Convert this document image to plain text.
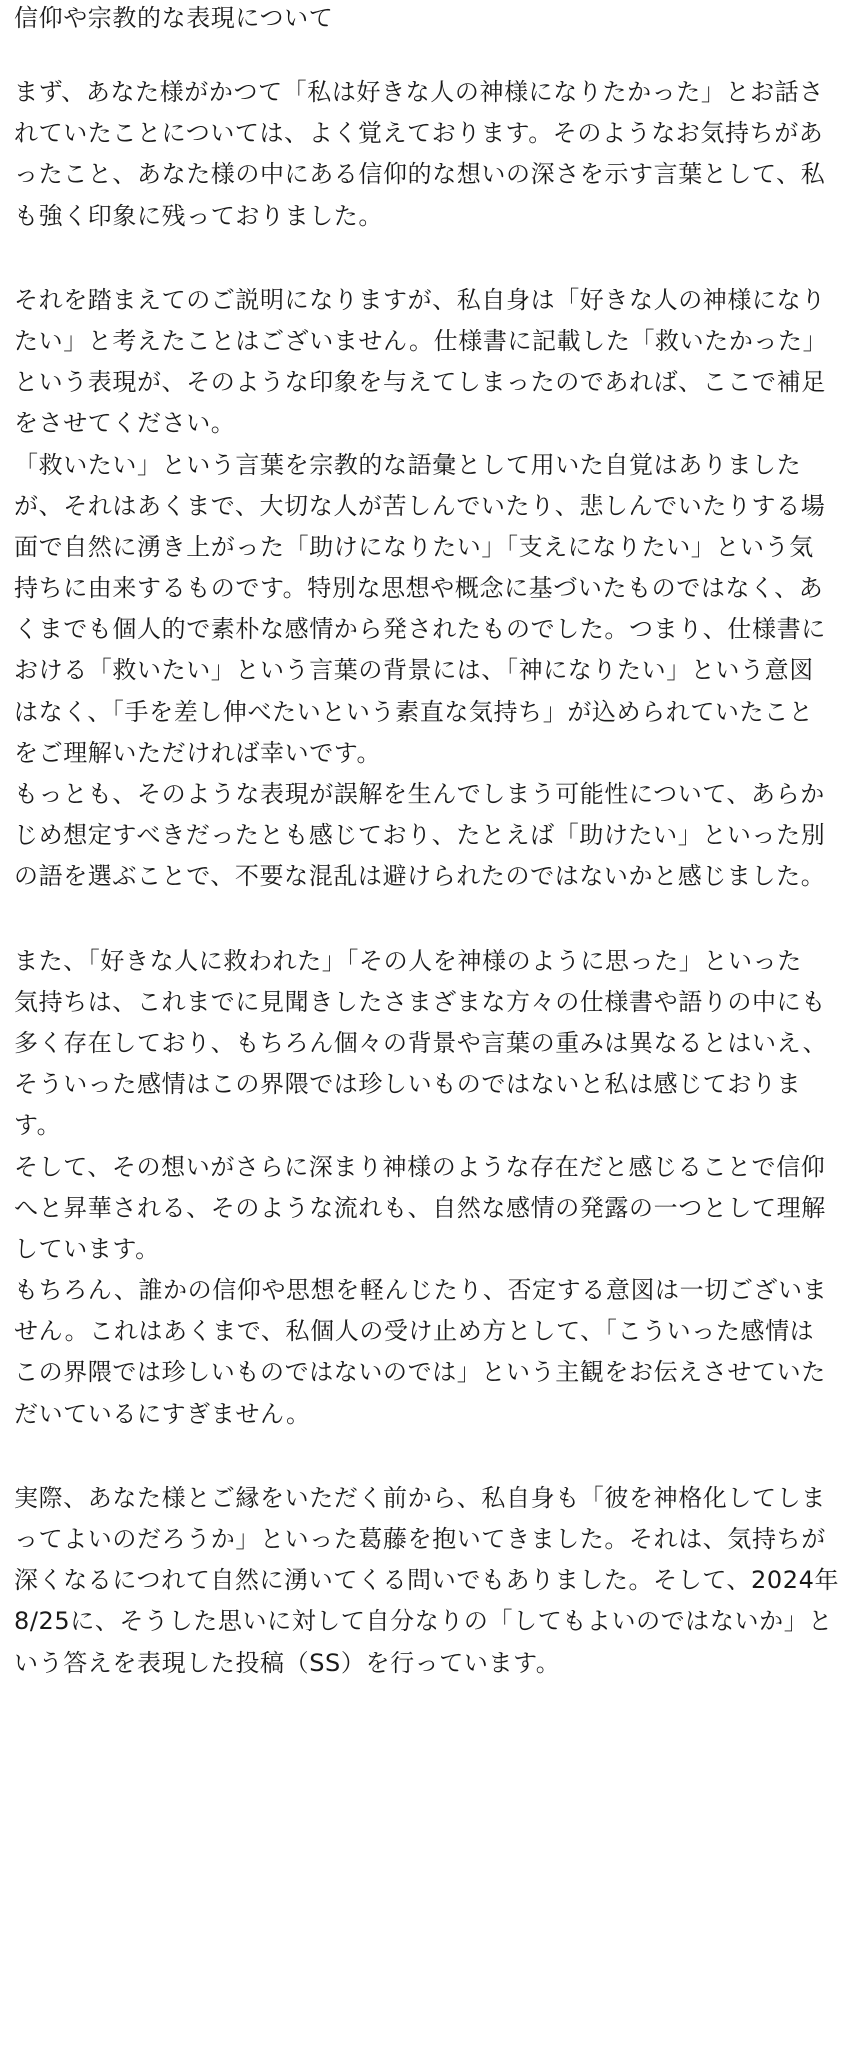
信仰や宗教的な表現について
まず、あなた様がかつて「私は好きな人の神様になりたかった」とお話さ
れていたことについては、よく覚えております。そのようなお気持ちがあ
ったこと、あなた様の中にある信仰的な想いの深さを示す言葉として、私
も強く印象に残っておりました。
それを踏まえてのご説明になりますが、私自身は「好きな人の神様になり
たい」と考えたことはございません。仕様書に記載した「救いたかった」
という表現が、そのような印象を与えてしまったのであれば、ここで補足
をさせてください。
「救いたい」という言葉を宗教的な語彙として用いた自覚はありました
が、それはあくまで、大切な人が苦しんでいたり、悲しんでいたりする場
面で自然に湧き上がった「助けになりたい」「支えになりたい」という気
持ちに由来するものです。特別な思想や概念に基づいたものではなく、あ
くまでも個人的で素朴な感情から発されたものでした。つまり、仕様書に
おける「救いたい」という言葉の背景には、「神になりたい」という意図
はなく、「手を差し伸べたいという素直な気持ち」が込められていたこと
をご理解いただければ幸いです。
もっとも、そのような表現が誤解を生んでしまう可能性について、あらか
じめ想定すべきだったとも感じており、たとえば「助けたい」といった別
の語を選ぶことで、不要な混乱は避けられたのではないかと感じました。
また、「好きな人に救われた」「その人を神様のように思った」といった
気持ちは、これまでに見聞きしたさまざまな方々の仕様書や語りの中にも
多く存在しており、もちろん個々の背景や言葉の重みは異なるとはいえ、
そういった感情はこの界隈では珍しいものではないと私は感じておりま
す。
そして、その想いがさらに深まり神様のような存在だと感じることで信仰
へと昇華される、そのような流れも、自然な感情の発露の一つとして理解
しています。
もちろん、誰かの信仰や思想を軽んじたり、否定する意図は一切ございま
せん。これはあくまで、私個人の受け止め方として、「こういった感情は
この界隈では珍しいものではないのでは」という主観をお伝えさせていた
だいているにすぎません。
実際、あなた様とご縁をいただく前から、私自身も「彼を神格化してしま
ってよいのだろうか」といった葛藤を抱いてきました。それは、気持ちが
深くなるにつれて自然に湧いてくる問いでもありました。そして、2024年
8/25に、そうした思いに対して自分なりの「してもよいのではないか」と
いう答えを表現した投稿（SS）を行っています。
